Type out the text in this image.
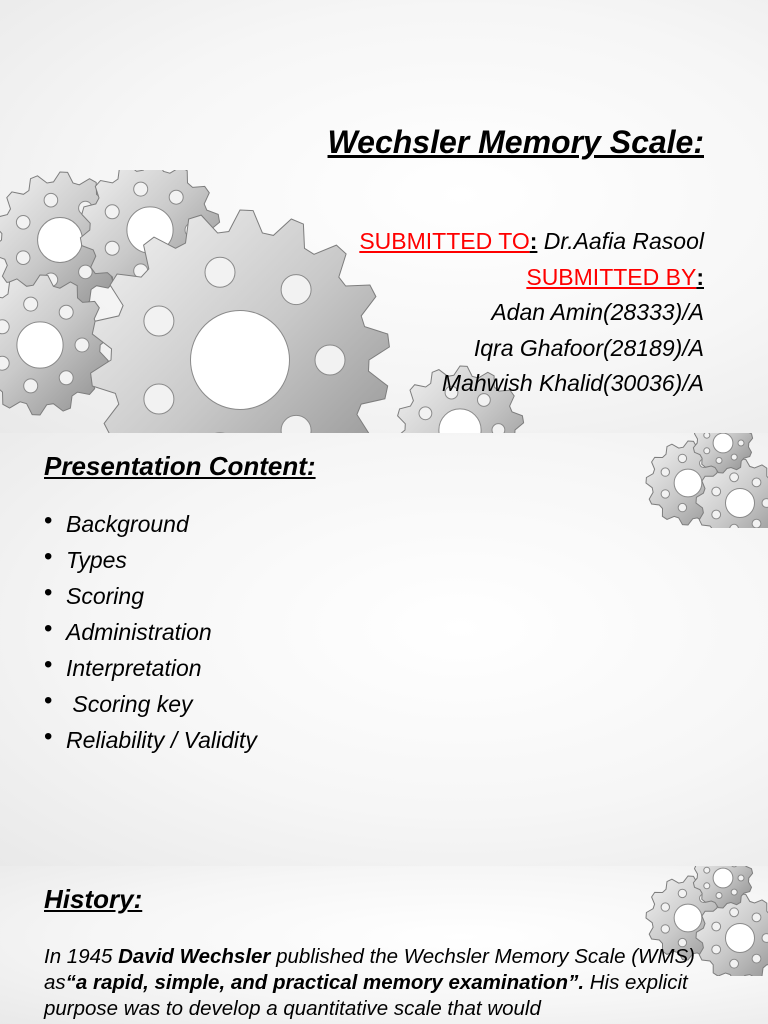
Wechsler Memory Scale:
SUBMITTED TO: Dr.Aafia Rasool
SUBMITTED BY:
Adan Amin(28333)/A
Iqra Ghafoor(28189)/A
Mahwish Khalid(30036)/A
Presentation Content:
• Background
• Types
• Scoring
• Administration
• Interpretation
•  Scoring key
• Reliability / Validity
History:
In 1945 David Wechsler published the Wechsler Memory Scale (WMS) as“a rapid, simple, and practical memory examination”. His explicit purpose was to develop a quantitative scale that would
